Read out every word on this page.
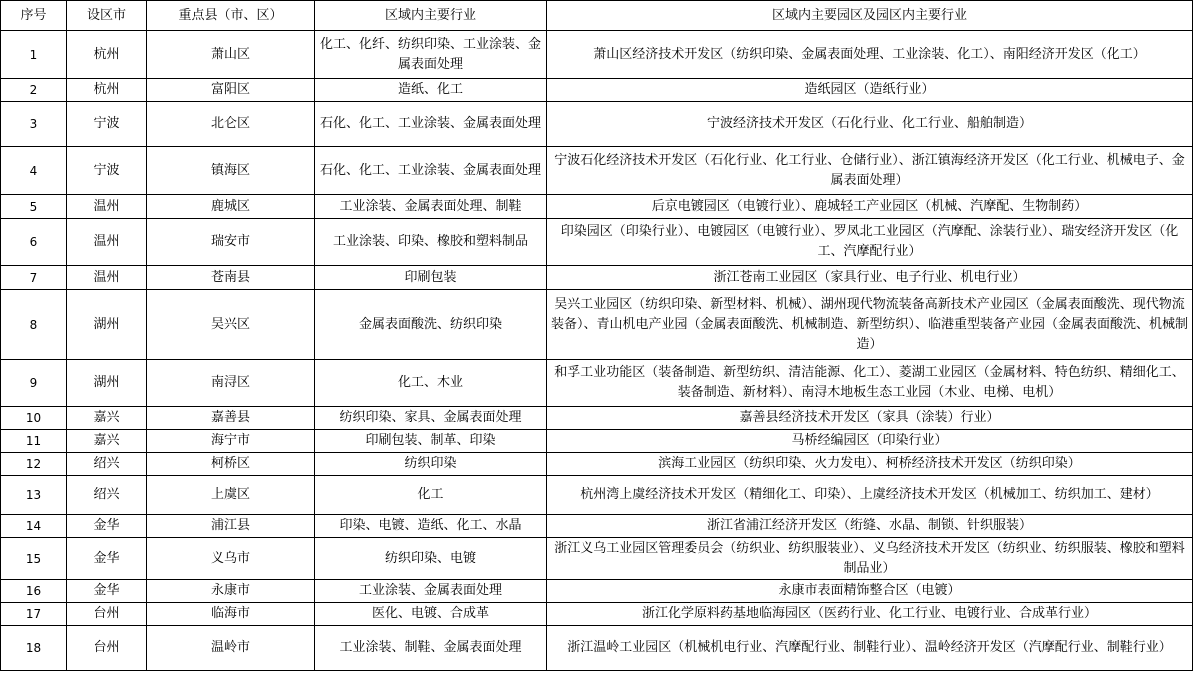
序号	设区市	重点县（市、区）	区域内主要行业	区域内主要园区及园区内主要行业
1	杭州	萧山区	化工、化纤、纺织印染、工业涂装、金属表面处理	萧山区经济技术开发区（纺织印染、金属表面处理、工业涂装、化工）、南阳经济开发区（化工）
2	杭州	富阳区	造纸、化工	造纸园区（造纸行业）
3	宁波	北仑区	石化、化工、工业涂装、金属表面处理	宁波经济技术开发区（石化行业、化工行业、船舶制造）
4	宁波	镇海区	石化、化工、工业涂装、金属表面处理	宁波石化经济技术开发区（石化行业、化工行业、仓储行业）、浙江镇海经济开发区（化工行业、机械电子、金属表面处理）
5	温州	鹿城区	工业涂装、金属表面处理、制鞋	后京电镀园区（电镀行业）、鹿城轻工产业园区（机械、汽摩配、生物制药）
6	温州	瑞安市	工业涂装、印染、橡胶和塑料制品	印染园区（印染行业）、电镀园区（电镀行业）、罗凤北工业园区（汽摩配、涂装行业）、瑞安经济开发区（化工、汽摩配行业）
7	温州	苍南县	印刷包装	浙江苍南工业园区（家具行业、电子行业、机电行业）
8	湖州	吴兴区	金属表面酸洗、纺织印染	吴兴工业园区（纺织印染、新型材料、机械）、湖州现代物流装备高新技术产业园区（金属表面酸洗、现代物流装备）、青山机电产业园（金属表面酸洗、机械制造、新型纺织）、临港重型装备产业园（金属表面酸洗、机械制造）
9	湖州	南浔区	化工、木业	和孚工业功能区（装备制造、新型纺织、清洁能源、化工）、菱湖工业园区（金属材料、特色纺织、精细化工、装备制造、新材料）、南浔木地板生态工业园（木业、电梯、电机）
10	嘉兴	嘉善县	纺织印染、家具、金属表面处理	嘉善县经济技术开发区（家具（涂装）行业）
11	嘉兴	海宁市	印刷包装、制革、印染	马桥经编园区（印染行业）
12	绍兴	柯桥区	纺织印染	滨海工业园区（纺织印染、火力发电）、柯桥经济技术开发区（纺织印染）
13	绍兴	上虞区	化工	杭州湾上虞经济技术开发区（精细化工、印染）、上虞经济技术开发区（机械加工、纺织加工、建材）
14	金华	浦江县	印染、电镀、造纸、化工、水晶	浙江省浦江经济开发区（绗缝、水晶、制锁、针织服装）
15	金华	义乌市	纺织印染、电镀	浙江义乌工业园区管理委员会（纺织业、纺织服装业）、义乌经济技术开发区（纺织业、纺织服装、橡胶和塑料制品业）
16	金华	永康市	工业涂装、金属表面处理	永康市表面精饰整合区（电镀）
17	台州	临海市	医化、电镀、合成革	浙江化学原料药基地临海园区（医药行业、化工行业、电镀行业、合成革行业）
18	台州	温岭市	工业涂装、制鞋、金属表面处理	浙江温岭工业园区（机械机电行业、汽摩配行业、制鞋行业）、温岭经济开发区（汽摩配行业、制鞋行业）
